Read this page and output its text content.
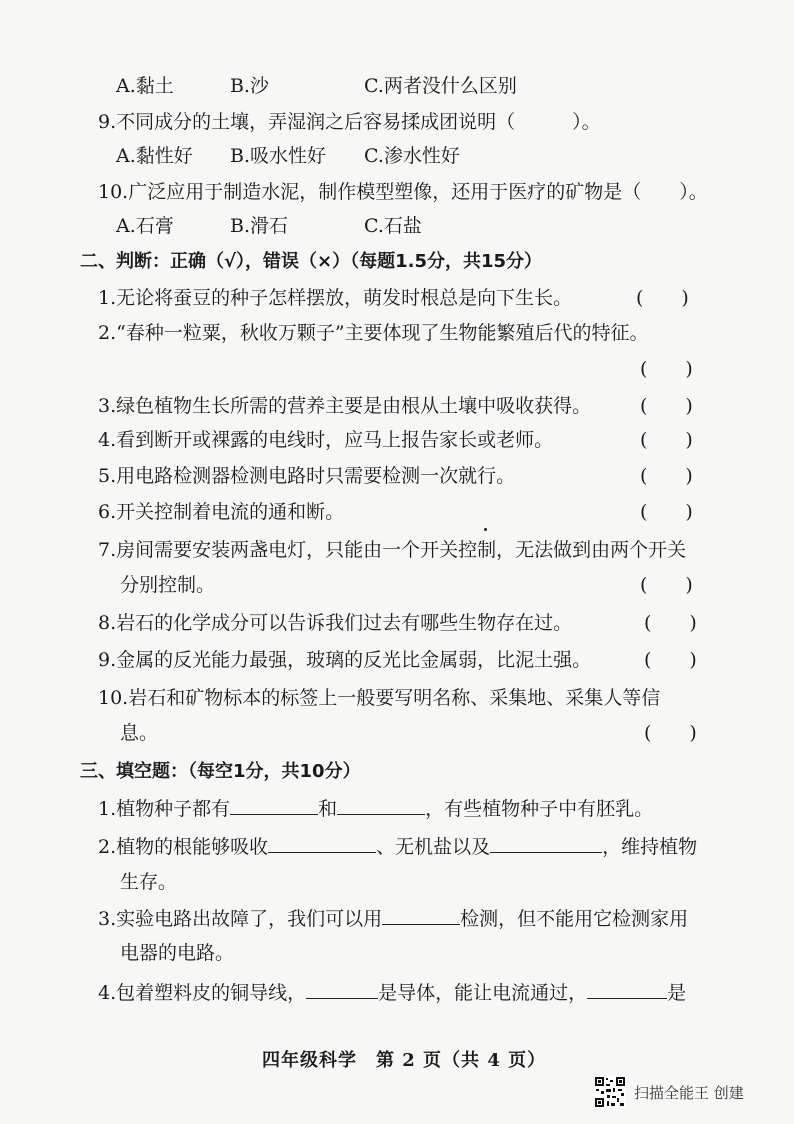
A.黏土	B.沙	C.两者没什么区别
9.不同成分的土壤，弄湿润之后容易揉成团说明（　　　）。
A.黏性好 B.吸水性好 C.渗水性好
10.广泛应用于制造水泥，制作模型塑像，还用于医疗的矿物是（　　）。
A.石膏	B.滑石	C.石盐
二、判断：正确（√），错误（×）（每题1.5分，共15分）
1.无论将蚕豆的种子怎样摆放，萌发时根总是向下生长。	(　　)
2.“春种一粒粟，秋收万颗子”主要体现了生物能繁殖后代的特征。
(　　)
3.绿色植物生长所需的营养主要是由根从土壤中吸收获得。	(　　)
4.看到断开或裸露的电线时，应马上报告家长或老师。	(　　)
5.用电路检测器检测电路时只需要检测一次就行。	(　　)
6.开关控制着电流的通和断。	(　　)
7.房间需要安装两盏电灯，只能由一个开关控制，无法做到由两个开关
分别控制。	(　　)
8.岩石的化学成分可以告诉我们过去有哪些生物存在过。	(　　)
9.金属的反光能力最强，玻璃的反光比金属弱，比泥土强。	(　　)
10.岩石和矿物标本的标签上一般要写明名称、采集地、采集人等信
息。	(　　)
三、填空题：（每空1分，共10分）
1.植物种子都有	和	，有些植物种子中有胚乳。
2.植物的根能够吸收	、无机盐以及	，维持植物
生存。
3.实验电路出故障了，我们可以用	检测，但不能用它检测家用
电器的电路。
4.包着塑料皮的铜导线，	是导体，能让电流通过，	是
四年级科学　第 2 页（共 4 页）
扫描全能王 创建
